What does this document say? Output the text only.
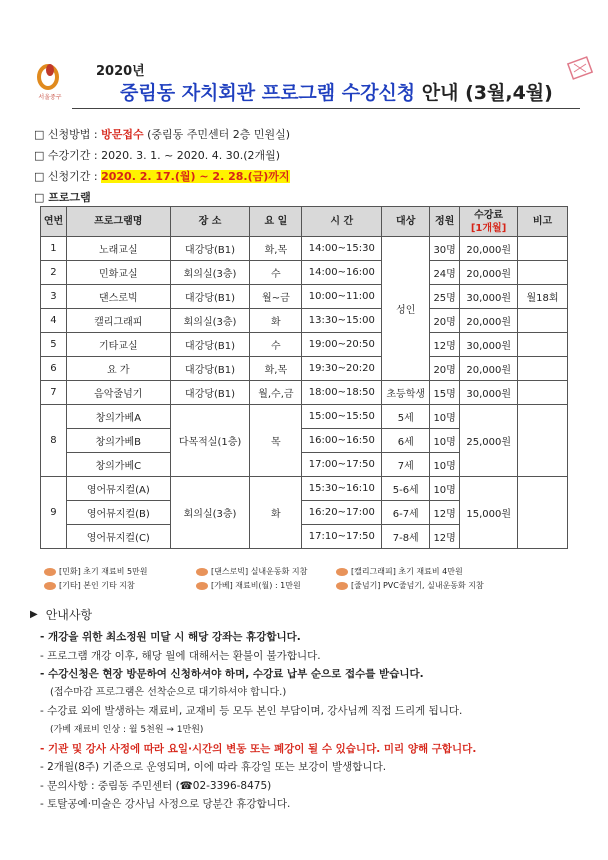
서울중구
2020년
중림동 자치회관 프로그램 수강신청 안내 (3월,4월)
□ 신청방법 : 방문접수 (중림동 주민센터 2층 민원실)
□ 수강기간 : 2020. 3. 1. ~ 2020. 4. 30.(2개월)
□ 신청기간 : 2020. 2. 17.(월) ~ 2. 28.(금)까지
□ 프로그램
연번	프로그램명	장 소	요 일	시 간	대상	정원	수강료
[1개월]	비고
1	노래교실	대강당(B1)	화,목	14:00~15:30	성인	30명	20,000원	
2	민화교실	회의실(3층)	수	14:00~16:00		24명	20,000원	
3	댄스로빅	대강당(B1)	월~금	10:00~11:00		25명	30,000원	월18회
4	캘리그래피	회의실(3층)	화	13:30~15:00		20명	20,000원	
5	기타교실	대강당(B1)	수	19:00~20:50		12명	30,000원	
6	요 가	대강당(B1)	화,목	19:30~20:20		20명	20,000원	
7	음악줄넘기	대강당(B1)	월,수,금	18:00~18:50	초등학생	15명	30,000원	
8	창의가베A	다목적실(1층)	목	15:00~15:50	5세	10명	25,000원	
	창의가베B			16:00~16:50	6세	10명		
	창의가베C			17:00~17:50	7세	10명		
9	영어뮤지컬(A)	회의실(3층)	화	15:30~16:10	5-6세	10명	15,000원	
	영어뮤지컬(B)			16:20~17:00	6-7세	12명		
	영어뮤지컬(C)			17:10~17:50	7-8세	12명		
[민화] 초기 재료비 5만원	[댄스로빅] 실내운동화 지참	[캘리그래피] 초기 재료비 4만원
[기타] 본인 기타 지참	[가베] 재료비(월) : 1만원	[줄넘기] PVC줄넘기, 실내운동화 지참
▶ 안내사항
- 개강을 위한 최소정원 미달 시 해당 강좌는 휴강합니다.
- 프로그램 개강 이후, 해당 월에 대해서는 환불이 불가합니다.
- 수강신청은 현장 방문하여 신청하셔야 하며, 수강료 납부 순으로 접수를 받습니다.
(접수마감 프로그램은 선착순으로 대기하셔야 합니다.)
- 수강료 외에 발생하는 재료비, 교재비 등 모두 본인 부담이며, 강사님께 직접 드리게 됩니다.
(가베 재료비 인상 : 월 5천원 → 1만원)
- 기관 및 강사 사정에 따라 요일·시간의 변동 또는 폐강이 될 수 있습니다. 미리 양해 구합니다.
- 2개월(8주) 기준으로 운영되며, 이에 따라 휴강일 또는 보강이 발생합니다.
- 문의사항 : 중림동 주민센터 (☎02-3396-8475)
- 토탈공예·미술은 강사님 사정으로 당분간 휴강합니다.
